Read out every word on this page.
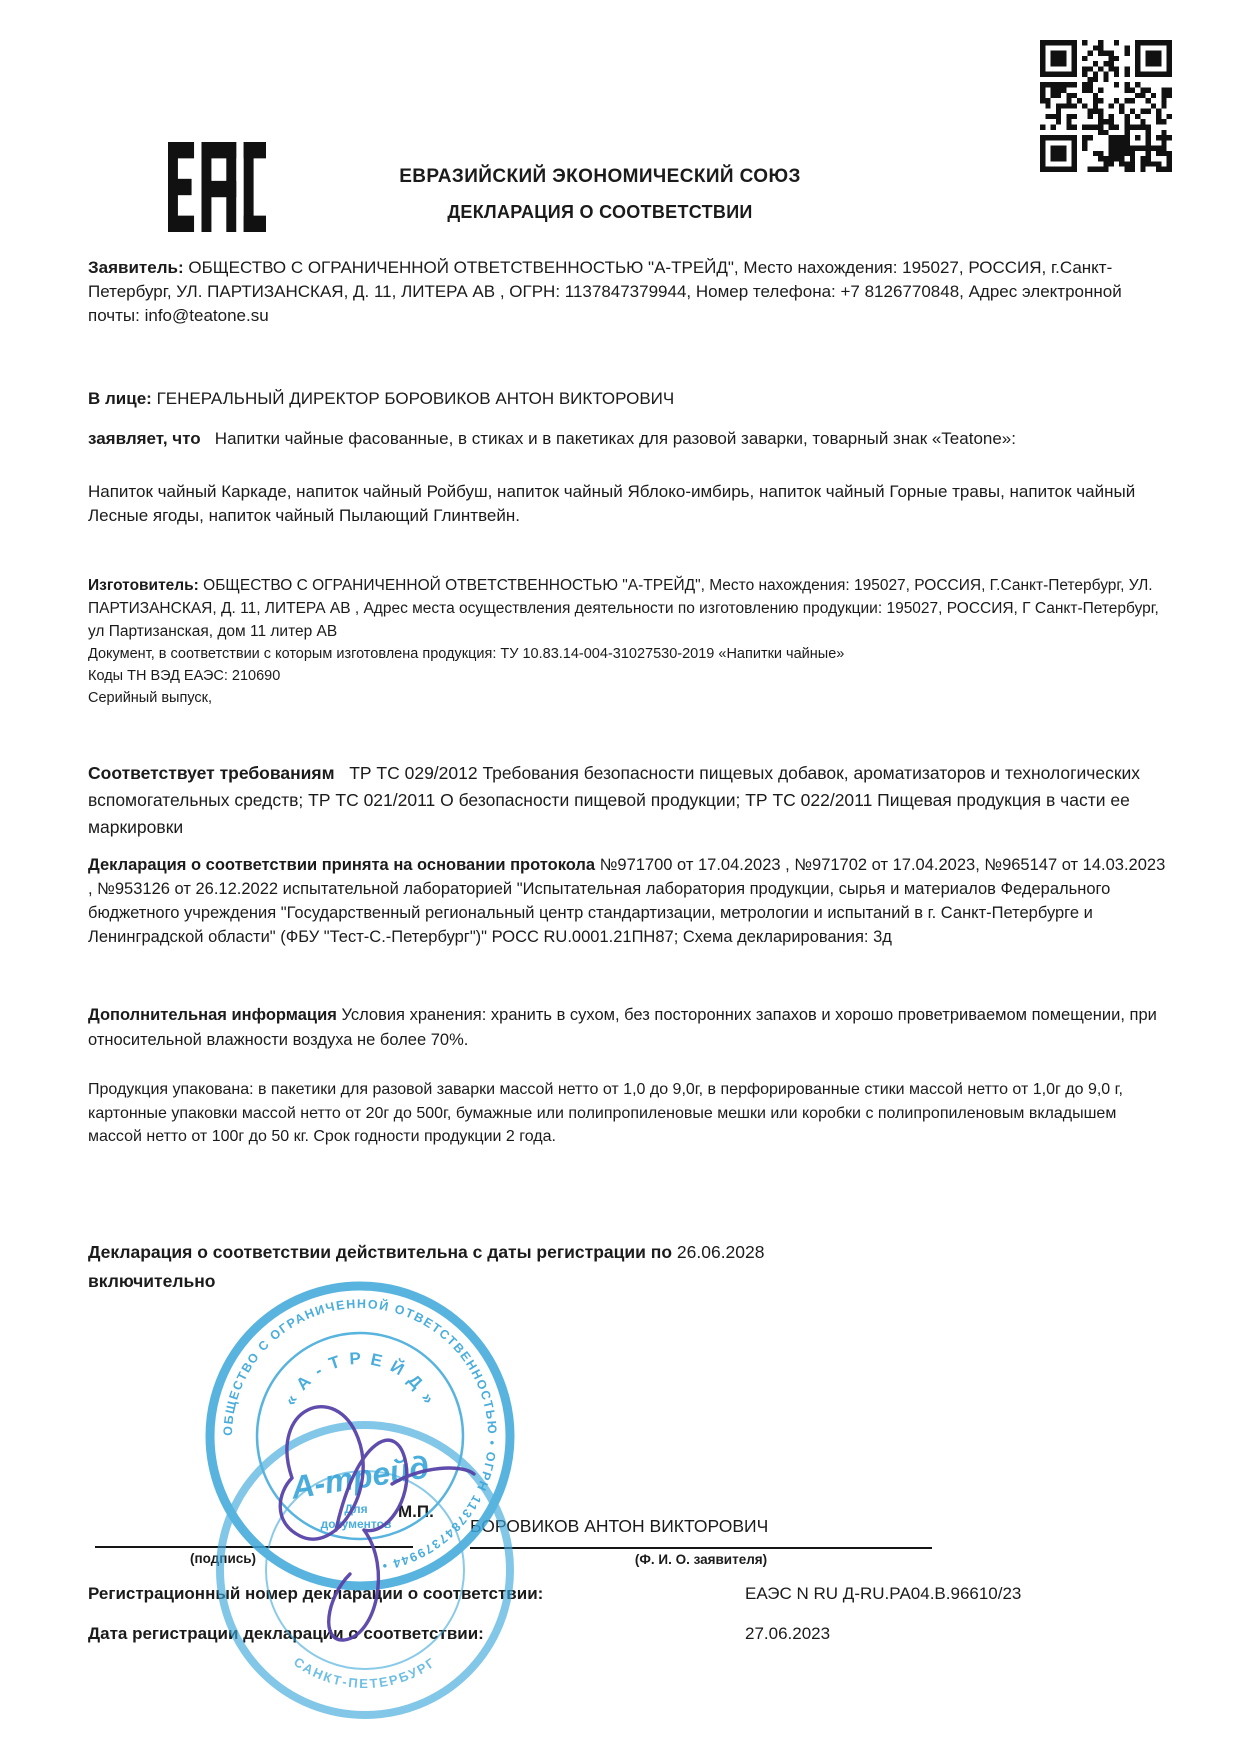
ЕВРАЗИЙСКИЙ ЭКОНОМИЧЕСКИЙ СОЮЗ
ДЕКЛАРАЦИЯ О СООТВЕТСТВИИ
Заявитель: ОБЩЕСТВО С ОГРАНИЧЕННОЙ ОТВЕТСТВЕННОСТЬЮ "А-ТРЕЙД", Место нахождения: 195027, РОССИЯ, г.Санкт-Петербург, УЛ. ПАРТИЗАНСКАЯ, Д. 11, ЛИТЕРА АВ , ОГРН: 1137847379944, Номер телефона: +7 8126770848, Адрес электронной почты: info@teatone.su
В лице: ГЕНЕРАЛЬНЫЙ ДИРЕКТОР БОРОВИКОВ АНТОН ВИКТОРОВИЧ
заявляет, что Напитки чайные фасованные, в стиках и в пакетиках для разовой заварки, товарный знак «Teatone»:
Напиток чайный Каркаде, напиток чайный Ройбуш, напиток чайный Яблоко-имбирь, напиток чайный Горные травы, напиток чайный Лесные ягоды, напиток чайный Пылающий Глинтвейн.
Изготовитель: ОБЩЕСТВО С ОГРАНИЧЕННОЙ ОТВЕТСТВЕННОСТЬЮ "А-ТРЕЙД", Место нахождения: 195027, РОССИЯ, Г.Санкт-Петербург, УЛ. ПАРТИЗАНСКАЯ, Д. 11, ЛИТЕРА АВ , Адрес места осуществления деятельности по изготовлению продукции: 195027, РОССИЯ, Г Санкт-Петербург, ул Партизанская, дом 11 литер АВ
Документ, в соответствии с которым изготовлена продукция: ТУ 10.83.14-004-31027530-2019 «Напитки чайные»
Коды ТН ВЭД ЕАЭС: 210690
Серийный выпуск,
Соответствует требованиям ТР ТС 029/2012 Требования безопасности пищевых добавок, ароматизаторов и технологических вспомогательных средств; ТР ТС 021/2011 О безопасности пищевой продукции; ТР ТС 022/2011 Пищевая продукция в части ее маркировки
Декларация о соответствии принята на основании протокола №971700 от 17.04.2023 , №971702 от 17.04.2023, №965147 от 14.03.2023 , №953126 от 26.12.2022 испытательной лабораторией "Испытательная лаборатория продукции, сырья и материалов Федерального бюджетного учреждения "Государственный региональный центр стандартизации, метрологии и испытаний в г. Санкт-Петербурге и Ленинградской области" (ФБУ "Тест-С.-Петербург")" РОСС RU.0001.21ПН87; Схема декларирования: 3д
Дополнительная информация Условия хранения: хранить в сухом, без посторонних запахов и хорошо проветриваемом помещении, при относительной влажности воздуха не более 70%.
Продукция упакована: в пакетики для разовой заварки массой нетто от 1,0 до 9,0г, в перфорированные стики массой нетто от 1,0г до 9,0 г, картонные упаковки массой нетто от 20г до 500г, бумажные или полипропиленовые мешки или коробки с полипропиленовым вкладышем массой нетто от 100г до 50 кг. Срок годности продукции 2 года.
Декларация о соответствии действительна с даты регистрации по 26.06.2028
включительно
ОБЩЕСТВО С ОГРАНИЧЕННОЙ ОТВЕТСТВЕННОСТЬЮ • ОГРН 1137847379944 •
« А - Т Р Е Й Д »
А-трейд
Для
документов
САНКТ-ПЕТЕРБУРГ
М.П.
БОРОВИКОВ АНТОН ВИКТОРОВИЧ
(Ф. И. О. заявителя)
(подпись)
Регистрационный номер декларации о соответствии:	ЕАЭС N RU Д-RU.РА04.В.96610/23
Дата регистрации декларации о соответствии:	27.06.2023
